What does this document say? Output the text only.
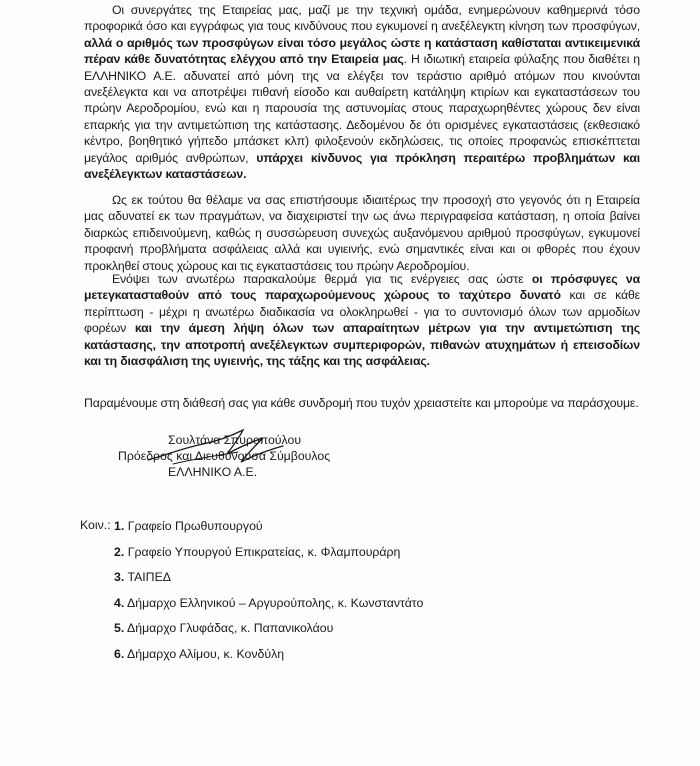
Οι συνεργάτες της Εταιρείας μας, μαζί με την τεχνική ομάδα, ενημερώνουν καθημερινά τόσο προφορικά όσο και εγγράφως για τους κινδύνους που εγκυμονεί η ανεξέλεγκτη κίνηση των προσφύγων, αλλά ο αριθμός των προσφύγων είναι τόσο μεγάλος ώστε η κατάσταση καθίσταται αντικειμενικά πέραν κάθε δυνατότητας ελέγχου από την Εταιρεία μας. Η ιδιωτική εταιρεία φύλαξης που διαθέτει η ΕΛΛΗΝΙΚΟ Α.Ε. αδυνατεί από μόνη της να ελέγξει τον τεράστιο αριθμό ατόμων που κινούνται ανεξέλεγκτα και να αποτρέψει πιθανή είσοδο και αυθαίρετη κατάληψη κτιρίων και εγκαταστάσεων του πρώην Αεροδρομίου, ενώ και η παρουσία της αστυνομίας στους παραχωρηθέντες χώρους δεν είναι επαρκής για την αντιμετώπιση της κατάστασης. Δεδομένου δε ότι ορισμένες εγκαταστάσεις (εκθεσιακό κέντρο, βοηθητικό γήπεδο μπάσκετ κλπ) φιλοξενούν εκδηλώσεις, τις οποίες προφανώς επισκέπτεται μεγάλος αριθμός ανθρώπων, υπάρχει κίνδυνος για πρόκληση περαιτέρω προβλημάτων και ανεξέλεγκτων καταστάσεων.

Ως εκ τούτου θα θέλαμε να σας επιστήσουμε ιδιαιτέρως την προσοχή στο γεγονός ότι η Εταιρεία μας αδυνατεί εκ των πραγμάτων, να διαχειριστεί την ως άνω περιγραφείσα κατάσταση, η οποία βαίνει διαρκώς επιδεινούμενη, καθώς η συσσώρευση συνεχώς αυξανόμενου αριθμού προσφύγων, εγκυμονεί προφανή προβλήματα ασφάλειας αλλά και υγιεινής, ενώ σημαντικές είναι και οι φθορές που έχουν προκληθεί στους χώρους και τις εγκαταστάσεις του πρώην Αεροδρομίου.

Ενόψει των ανωτέρω παρακαλούμε θερμά για τις ενέργειες σας ώστε οι πρόσφυγες να μετεγκατασταθούν από τους παραχωρούμενους χώρους το ταχύτερο δυνατό και σε κάθε περίπτωση - μέχρι η ανωτέρω διαδικασία να ολοκληρωθεί - για το συντονισμό όλων των αρμοδίων φορέων και την άμεση λήψη όλων των απαραίτητων μέτρων για την αντιμετώπιση της κατάστασης, την αποτροπή ανεξέλεγκτων συμπεριφορών, πιθανών ατυχημάτων ή επεισοδίων και τη διασφάλιση της υγιεινής, της τάξης και της ασφάλειας.

Παραμένουμε στη διάθεσή σας για κάθε συνδρομή που τυχόν χρειαστείτε και μπορούμε να παράσχουμε.

Σουλτάνα Σπυροπούλου
Πρόεδρος και Διευθύνουσα Σύμβουλος
ΕΛΛΗΝΙΚΟ Α.Ε.
Κοιν.: 1. Γραφείο Πρωθυπουργού
2. Γραφείο Υπουργού Επικρατείας, κ. Φλαμπουράρη
3. ΤΑΙΠΕΔ
4. Δήμαρχο Ελληνικού – Αργυρούπολης, κ. Κωνσταντάτο
5. Δήμαρχο Γλυφάδας, κ. Παπανικολάου
6. Δήμαρχο Αλίμου, κ. Κονδύλη
